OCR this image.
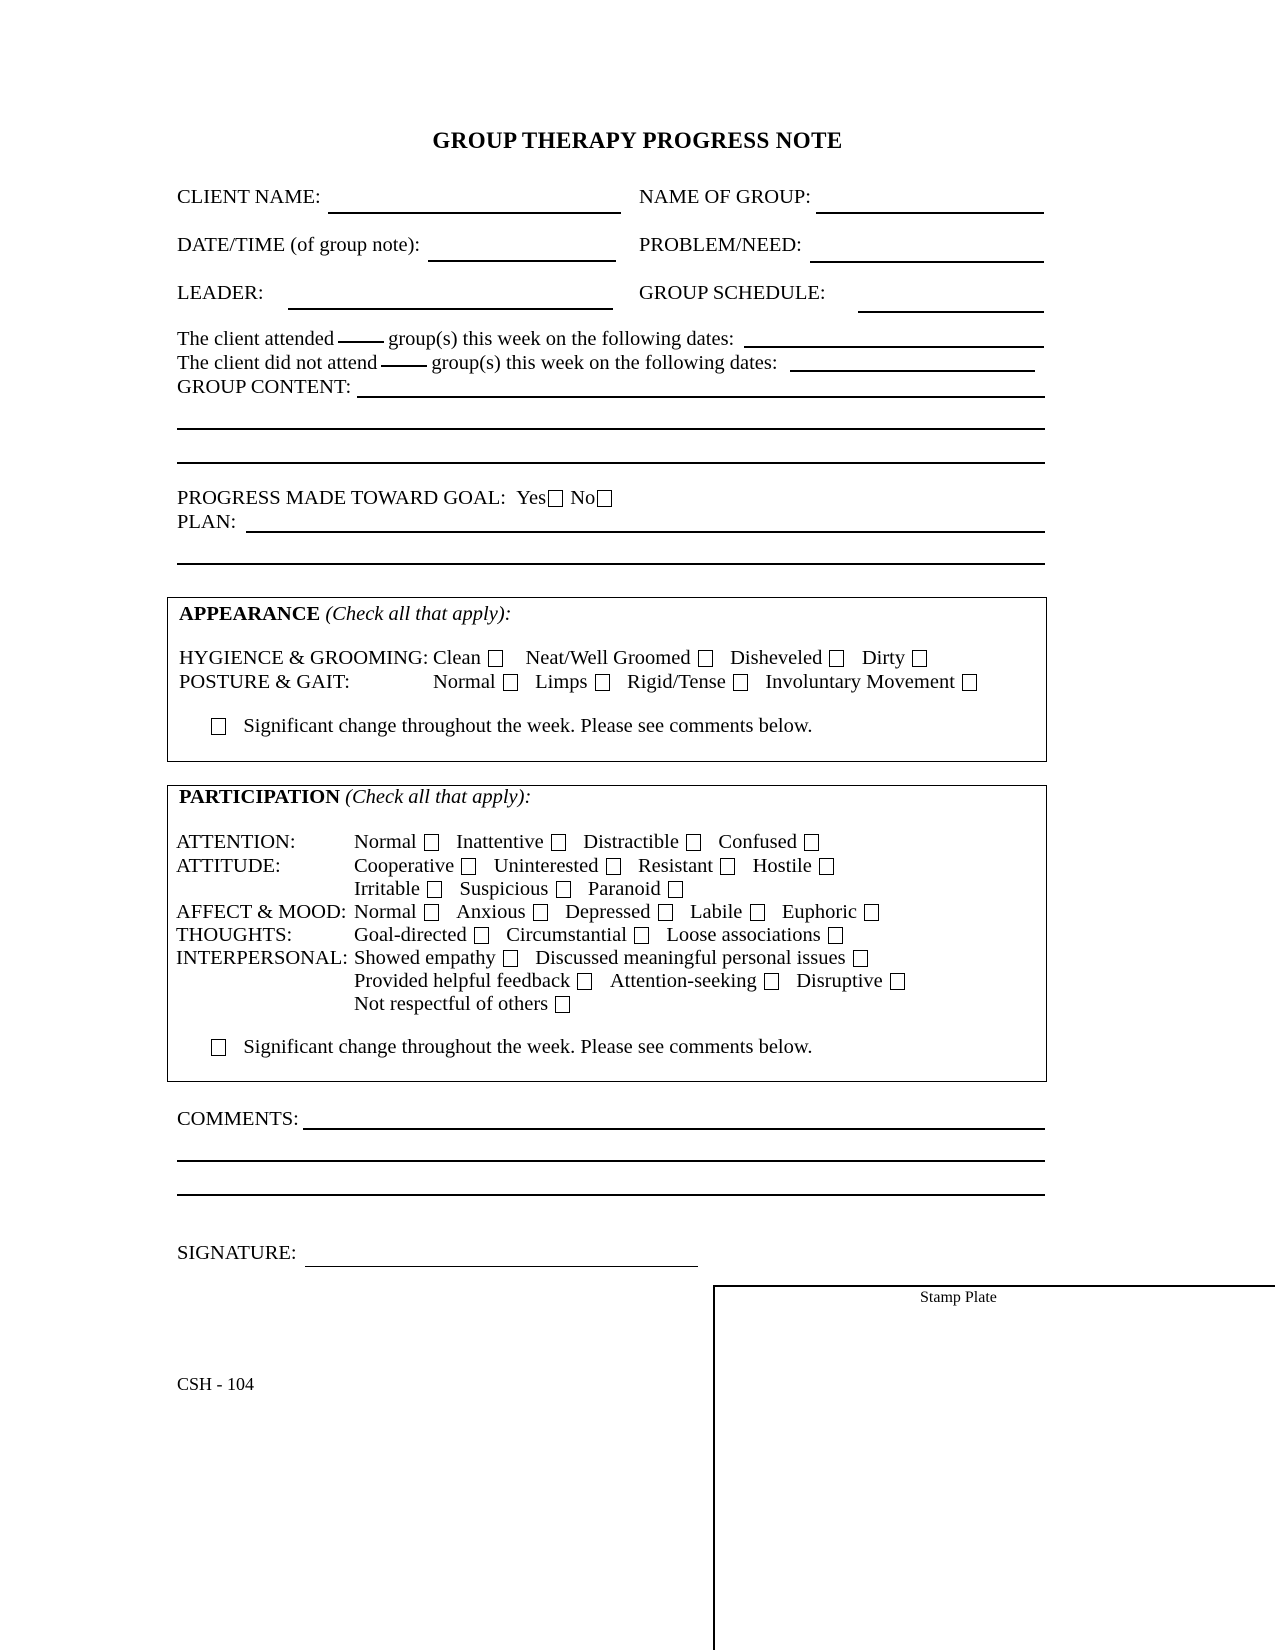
GROUP THERAPY PROGRESS NOTE
CLIENT NAME:	NAME OF GROUP:
DATE/TIME (of group note):	PROBLEM/NEED:
LEADER:	GROUP SCHEDULE:
The client attended	group(s) this week on the following dates:
The client did not attend	group(s) this week on the following dates:
GROUP CONTENT:
PROGRESS MADE TOWARD GOAL: Yes No
PLAN:
APPEARANCE (Check all that apply):
HYGIENCE & GROOMING: Clean Neat/Well Groomed Disheveled Dirty
POSTURE & GAIT:	Normal Limps Rigid/Tense Involuntary Movement
Significant change throughout the week. Please see comments below.
PARTICIPATION (Check all that apply):
ATTENTION:	Normal Inattentive Distractible Confused
ATTITUDE:	Cooperative Uninterested Resistant Hostile
Irritable Suspicious Paranoid
AFFECT & MOOD: Normal Anxious Depressed Labile Euphoric
THOUGHTS:	Goal-directed Circumstantial Loose associations
INTERPERSONAL: Showed empathy Discussed meaningful personal issues
Provided helpful feedback Attention-seeking Disruptive
Not respectful of others
Significant change throughout the week. Please see comments below.
COMMENTS:
SIGNATURE:
Stamp Plate
CSH - 104
